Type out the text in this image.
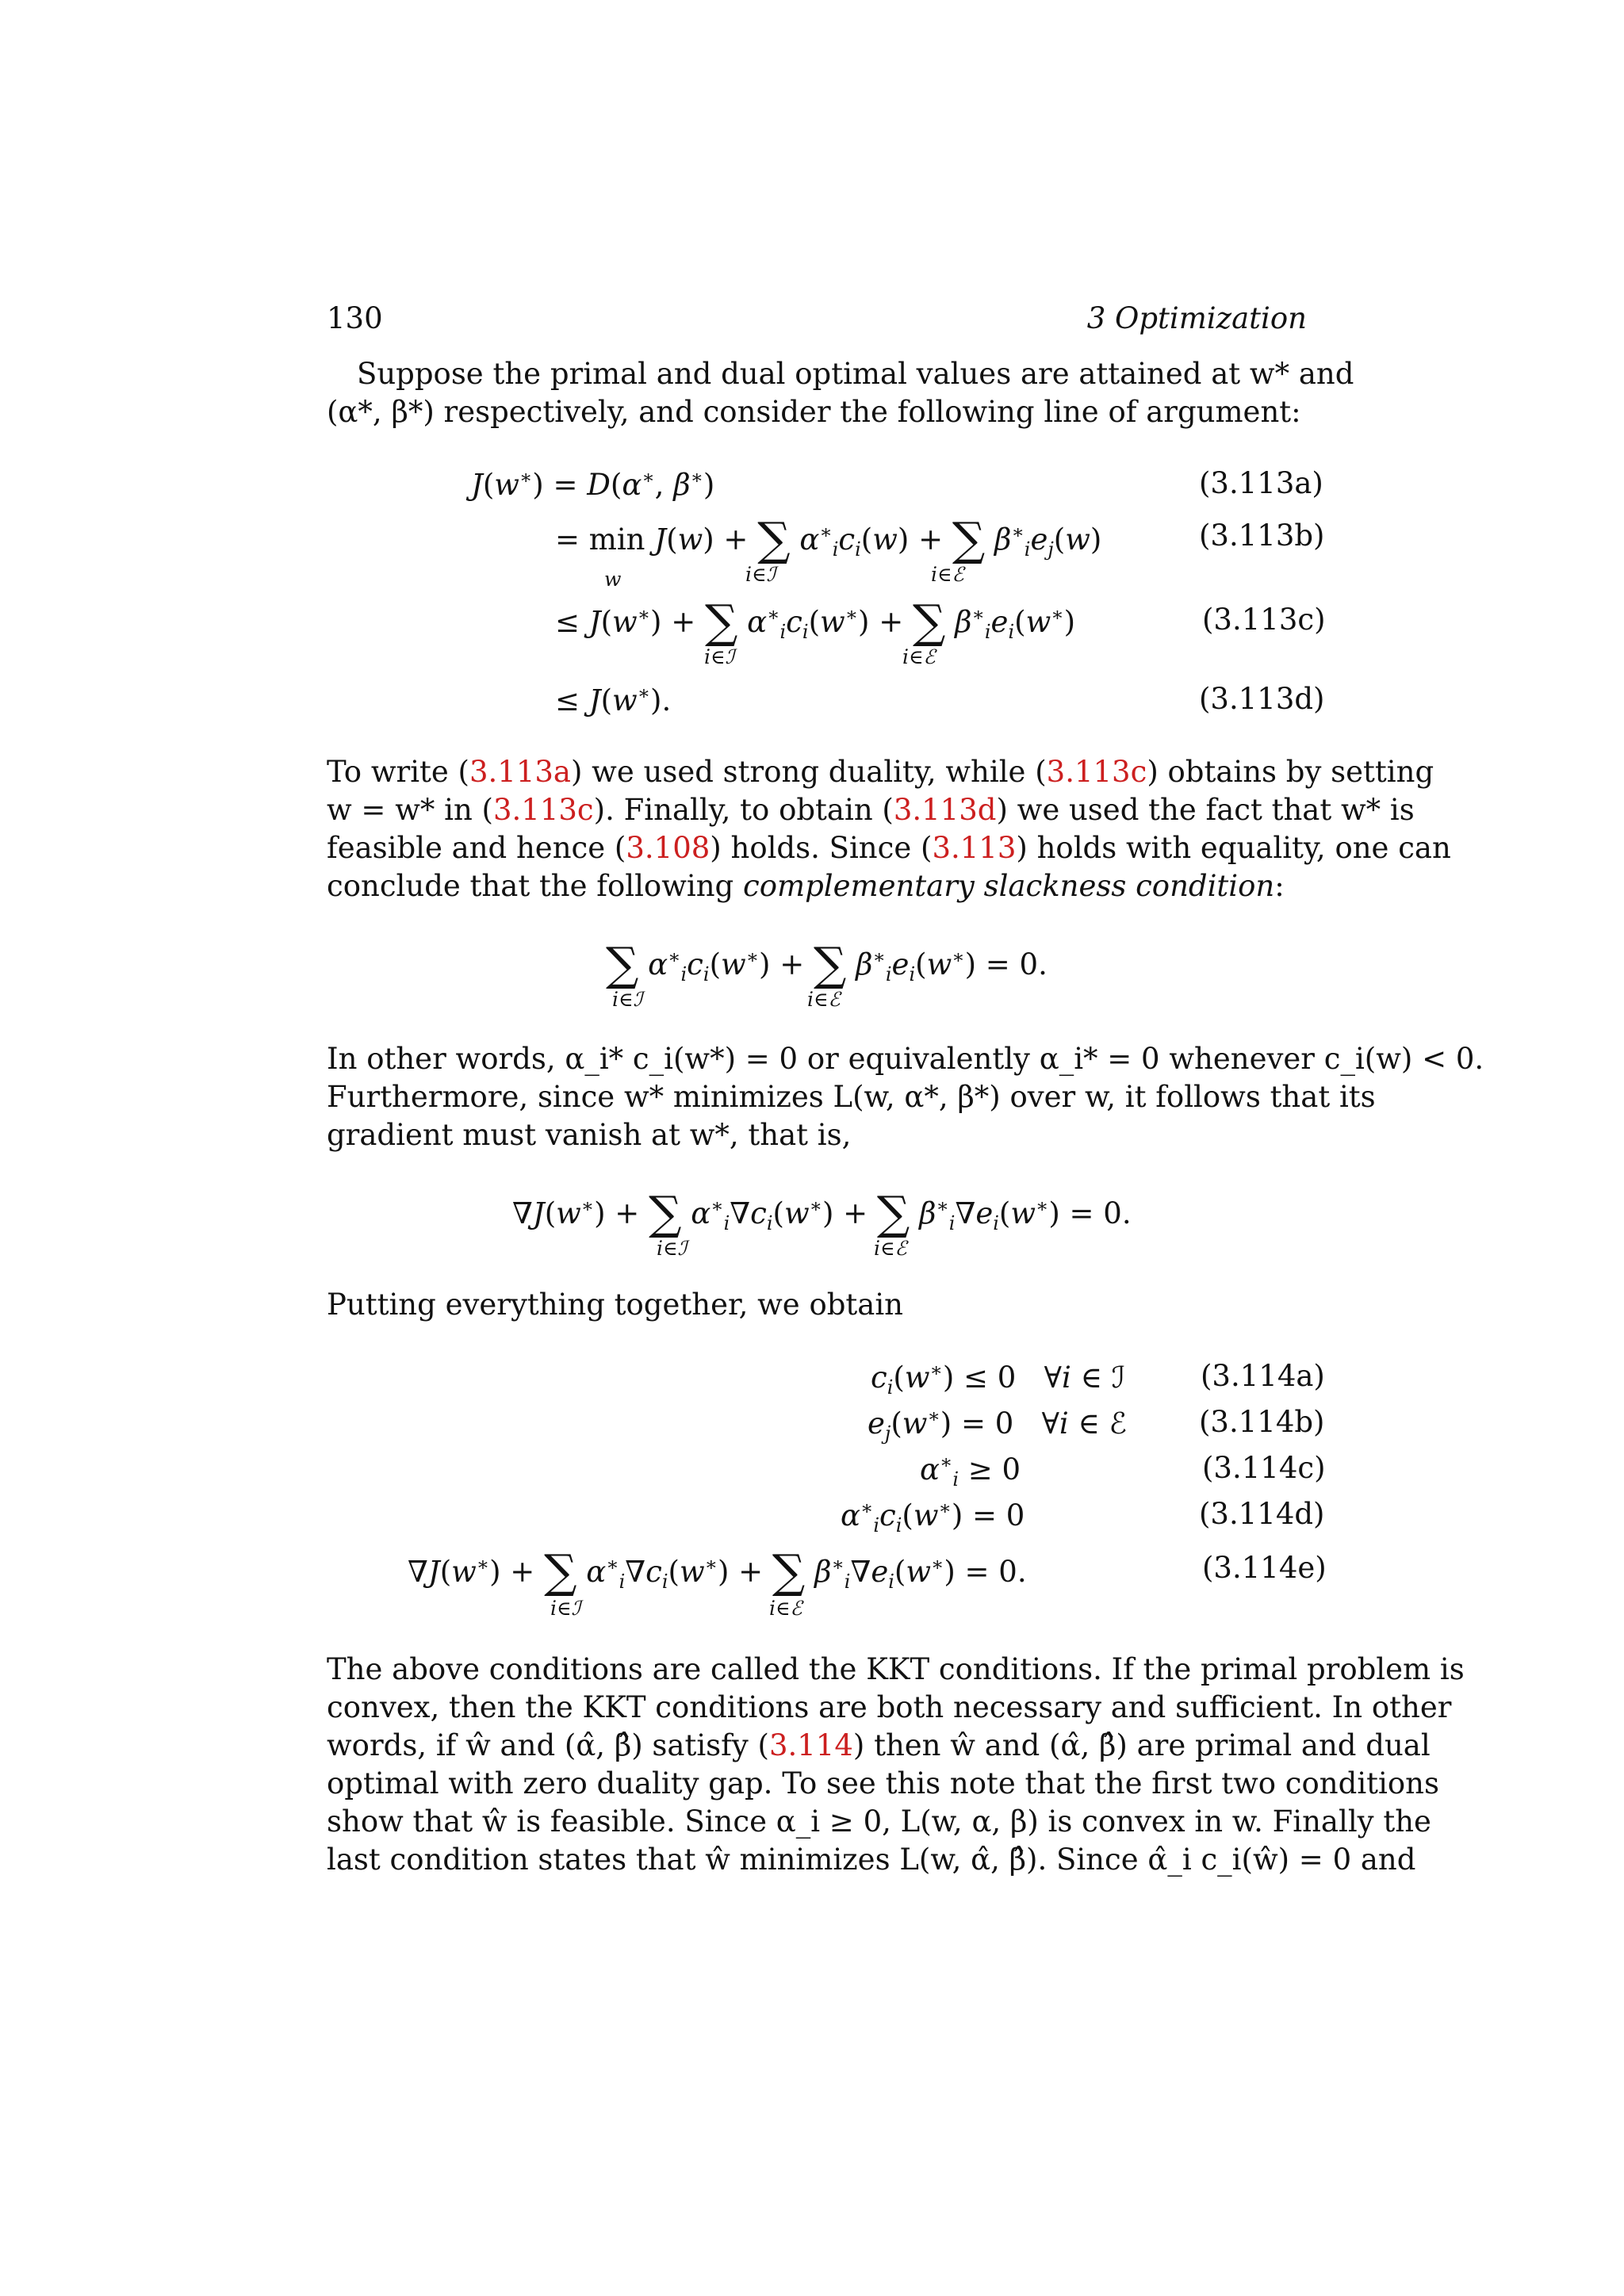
130	3 Optimization
Suppose the primal and dual optimal values are attained at w* and
(α*, β*) respectively, and consider the following line of argument:
J(w∗) = D(α∗, β∗)	(3.113a)
= min J(w) + ∑ $\alpha^∗_ic_i(w)$ + ∑ $\beta^∗_ie_j(w)$
w	i∈ℐ	i∈ℰ
(3.113b)
≤ J(w∗) + ∑ $\alpha^∗_ic_i(w^∗)$ + ∑ $\beta^∗_ie_i(w^∗)$
i∈ℐ	i∈ℰ
(3.113c)
≤ J(w∗).	(3.113d)
To write (3.113a) we used strong duality, while (3.113c) obtains by setting
w = w* in (3.113c). Finally, to obtain (3.113d) we used the fact that w* is
feasible and hence (3.108) holds. Since (3.113) holds with equality, one can
conclude that the following complementary slackness condition:
∑ $\alpha^∗_ic_i(w^∗)$ + ∑ $\beta^∗_ie_i(w^∗) = 0$.
i∈ℐ	i∈ℰ
In other words, α_i* c_i(w*) = 0 or equivalently α_i* = 0 whenever c_i(w) < 0.
Furthermore, since w* minimizes L(w, α*, β*) over w, it follows that its
gradient must vanish at w*, that is,
∇J(w∗) + ∑ $\alpha^∗_i\nabla c_i(w^∗)$ + ∑ $\beta^∗_i\nabla e_i(w^∗) = 0$.
i∈ℐ	i∈ℰ
Putting everything together, we obtain
$c_i(w^∗) \le 0$   ∀i ∈ ℐ	(3.114a)
$e_j(w^∗) = 0$   ∀i ∈ ℰ (3.114b)
$\alpha^∗_i \ge 0$	(3.114c)
$\alpha^∗_ic_i(w^∗) = 0$	(3.114d)
∇J(w∗) + ∑ $\alpha^∗_i\nabla c_i(w^∗)$ + ∑ $\beta^∗_i\nabla e_i(w^∗) = 0$.
i∈ℐ	i∈ℰ
(3.114e)
The above conditions are called the KKT conditions. If the primal problem is
convex, then the KKT conditions are both necessary and sufficient. In other
words, if ŵ and (α̂, β̂) satisfy (3.114) then ŵ and (α̂, β̂) are primal and dual
optimal with zero duality gap. To see this note that the first two conditions
show that ŵ is feasible. Since α_i ≥ 0, L(w, α, β) is convex in w. Finally the
last condition states that ŵ minimizes L(w, α̂, β̂). Since α̂_i c_i(ŵ) = 0 and
